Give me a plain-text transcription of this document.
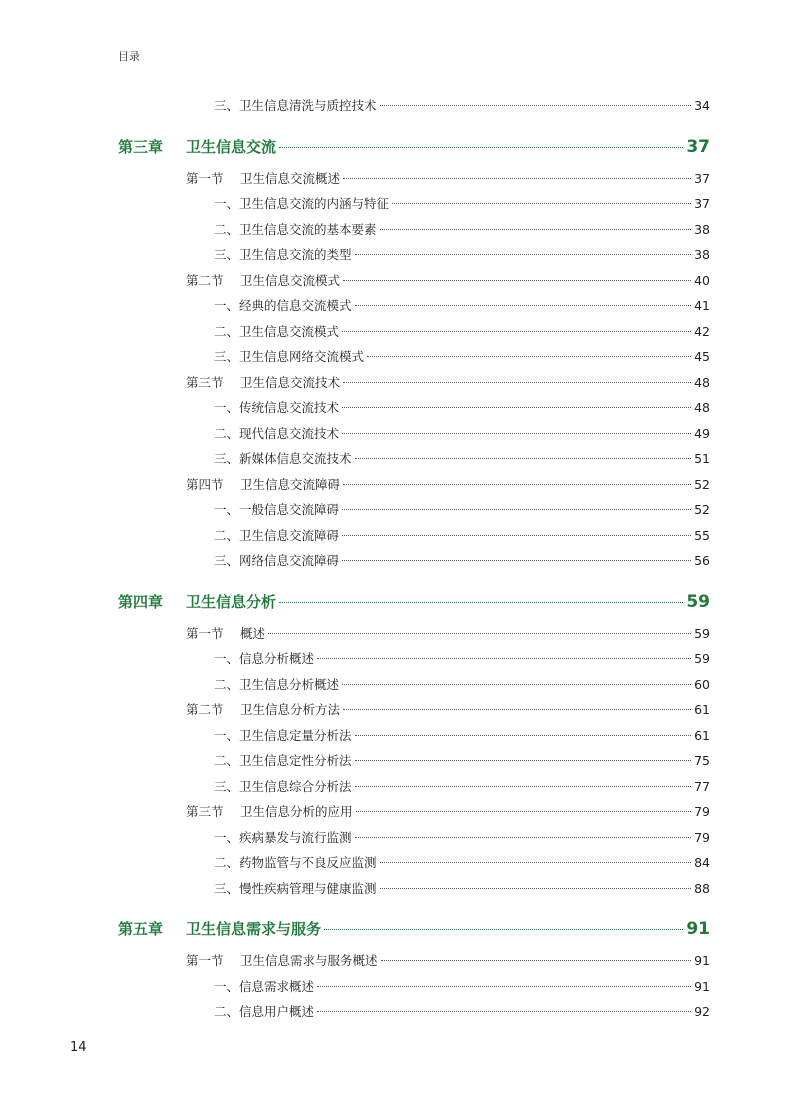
目录
三、卫生信息清洗与质控技术	34
第三章 卫生信息交流	37
第一节 卫生信息交流概述	37
一、卫生信息交流的内涵与特征	37
二、卫生信息交流的基本要素	38
三、卫生信息交流的类型	38
第二节 卫生信息交流模式	40
一、经典的信息交流模式	41
二、卫生信息交流模式	42
三、卫生信息网络交流模式	45
第三节 卫生信息交流技术	48
一、传统信息交流技术	48
二、现代信息交流技术	49
三、新媒体信息交流技术	51
第四节 卫生信息交流障碍	52
一、一般信息交流障碍	52
二、卫生信息交流障碍	55
三、网络信息交流障碍	56
第四章 卫生信息分析	59
第一节 概述	59
一、信息分析概述	59
二、卫生信息分析概述	60
第二节 卫生信息分析方法	61
一、卫生信息定量分析法	61
二、卫生信息定性分析法	75
三、卫生信息综合分析法	77
第三节 卫生信息分析的应用	79
一、疾病暴发与流行监测	79
二、药物监管与不良反应监测	84
三、慢性疾病管理与健康监测	88
第五章 卫生信息需求与服务	91
第一节 卫生信息需求与服务概述	91
一、信息需求概述	91
二、信息用户概述	92
14
